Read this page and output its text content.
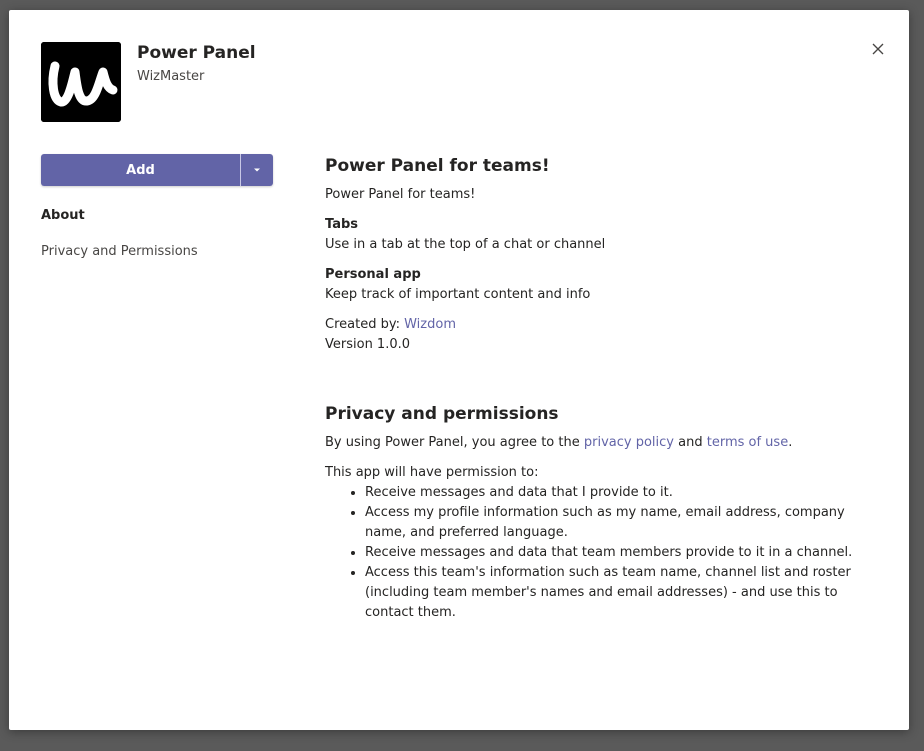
Power Panel
WizMaster
Add
About
Privacy and Permissions
Power Panel for teams!
Power Panel for teams!
Tabs
Use in a tab at the top of a chat or channel
Personal app
Keep track of important content and info
Created by: Wizdom
Version 1.0.0
Privacy and permissions
By using Power Panel, you agree to the privacy policy and terms of use.
This app will have permission to:
• Receive messages and data that I provide to it.
• Access my profile information such as my name, email address, company name, and preferred language.
• Receive messages and data that team members provide to it in a channel.
• Access this team's information such as team name, channel list and roster (including team member's names and email addresses) - and use this to contact them.
